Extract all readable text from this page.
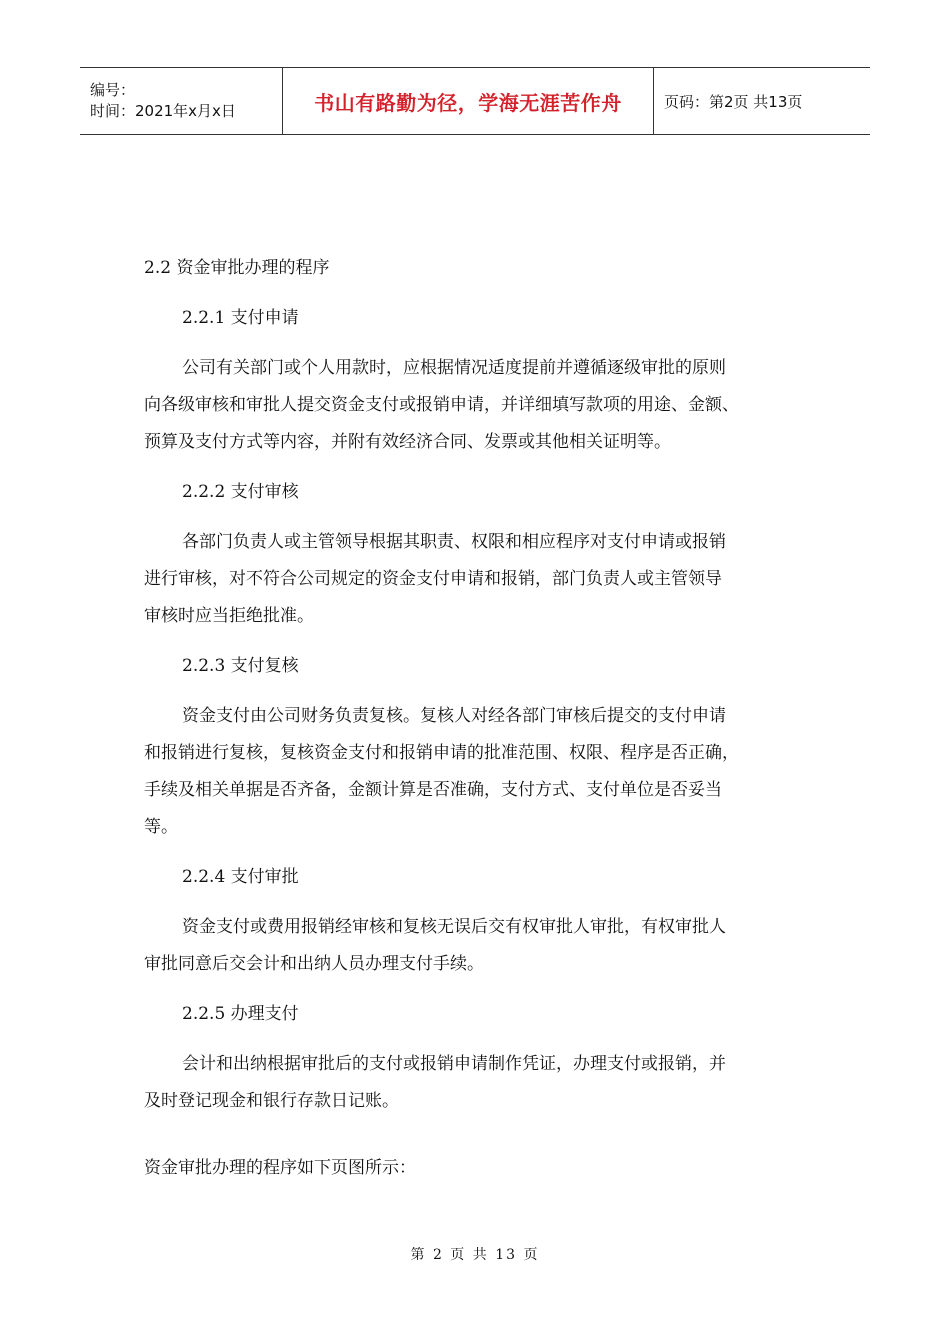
编号：
时间：2021年x月x日	书山有路勤为径，学海无涯苦作舟	页码：第2页 共13页
2.2 资金审批办理的程序
2.2.1 支付申请
公司有关部门或个人用款时，应根据情况适度提前并遵循逐级审批的原则
向各级审核和审批人提交资金支付或报销申请，并详细填写款项的用途、金额、
预算及支付方式等内容，并附有效经济合同、发票或其他相关证明等。
2.2.2 支付审核
各部门负责人或主管领导根据其职责、权限和相应程序对支付申请或报销
进行审核，对不符合公司规定的资金支付申请和报销，部门负责人或主管领导
审核时应当拒绝批准。
2.2.3 支付复核
资金支付由公司财务负责复核。复核人对经各部门审核后提交的支付申请
和报销进行复核，复核资金支付和报销申请的批准范围、权限、程序是否正确，
手续及相关单据是否齐备，金额计算是否准确，支付方式、支付单位是否妥当
等。
2.2.4 支付审批
资金支付或费用报销经审核和复核无误后交有权审批人审批，有权审批人
审批同意后交会计和出纳人员办理支付手续。
2.2.5 办理支付
会计和出纳根据审批后的支付或报销申请制作凭证，办理支付或报销，并
及时登记现金和银行存款日记账。
资金审批办理的程序如下页图所示：
第 2 页 共 13 页
